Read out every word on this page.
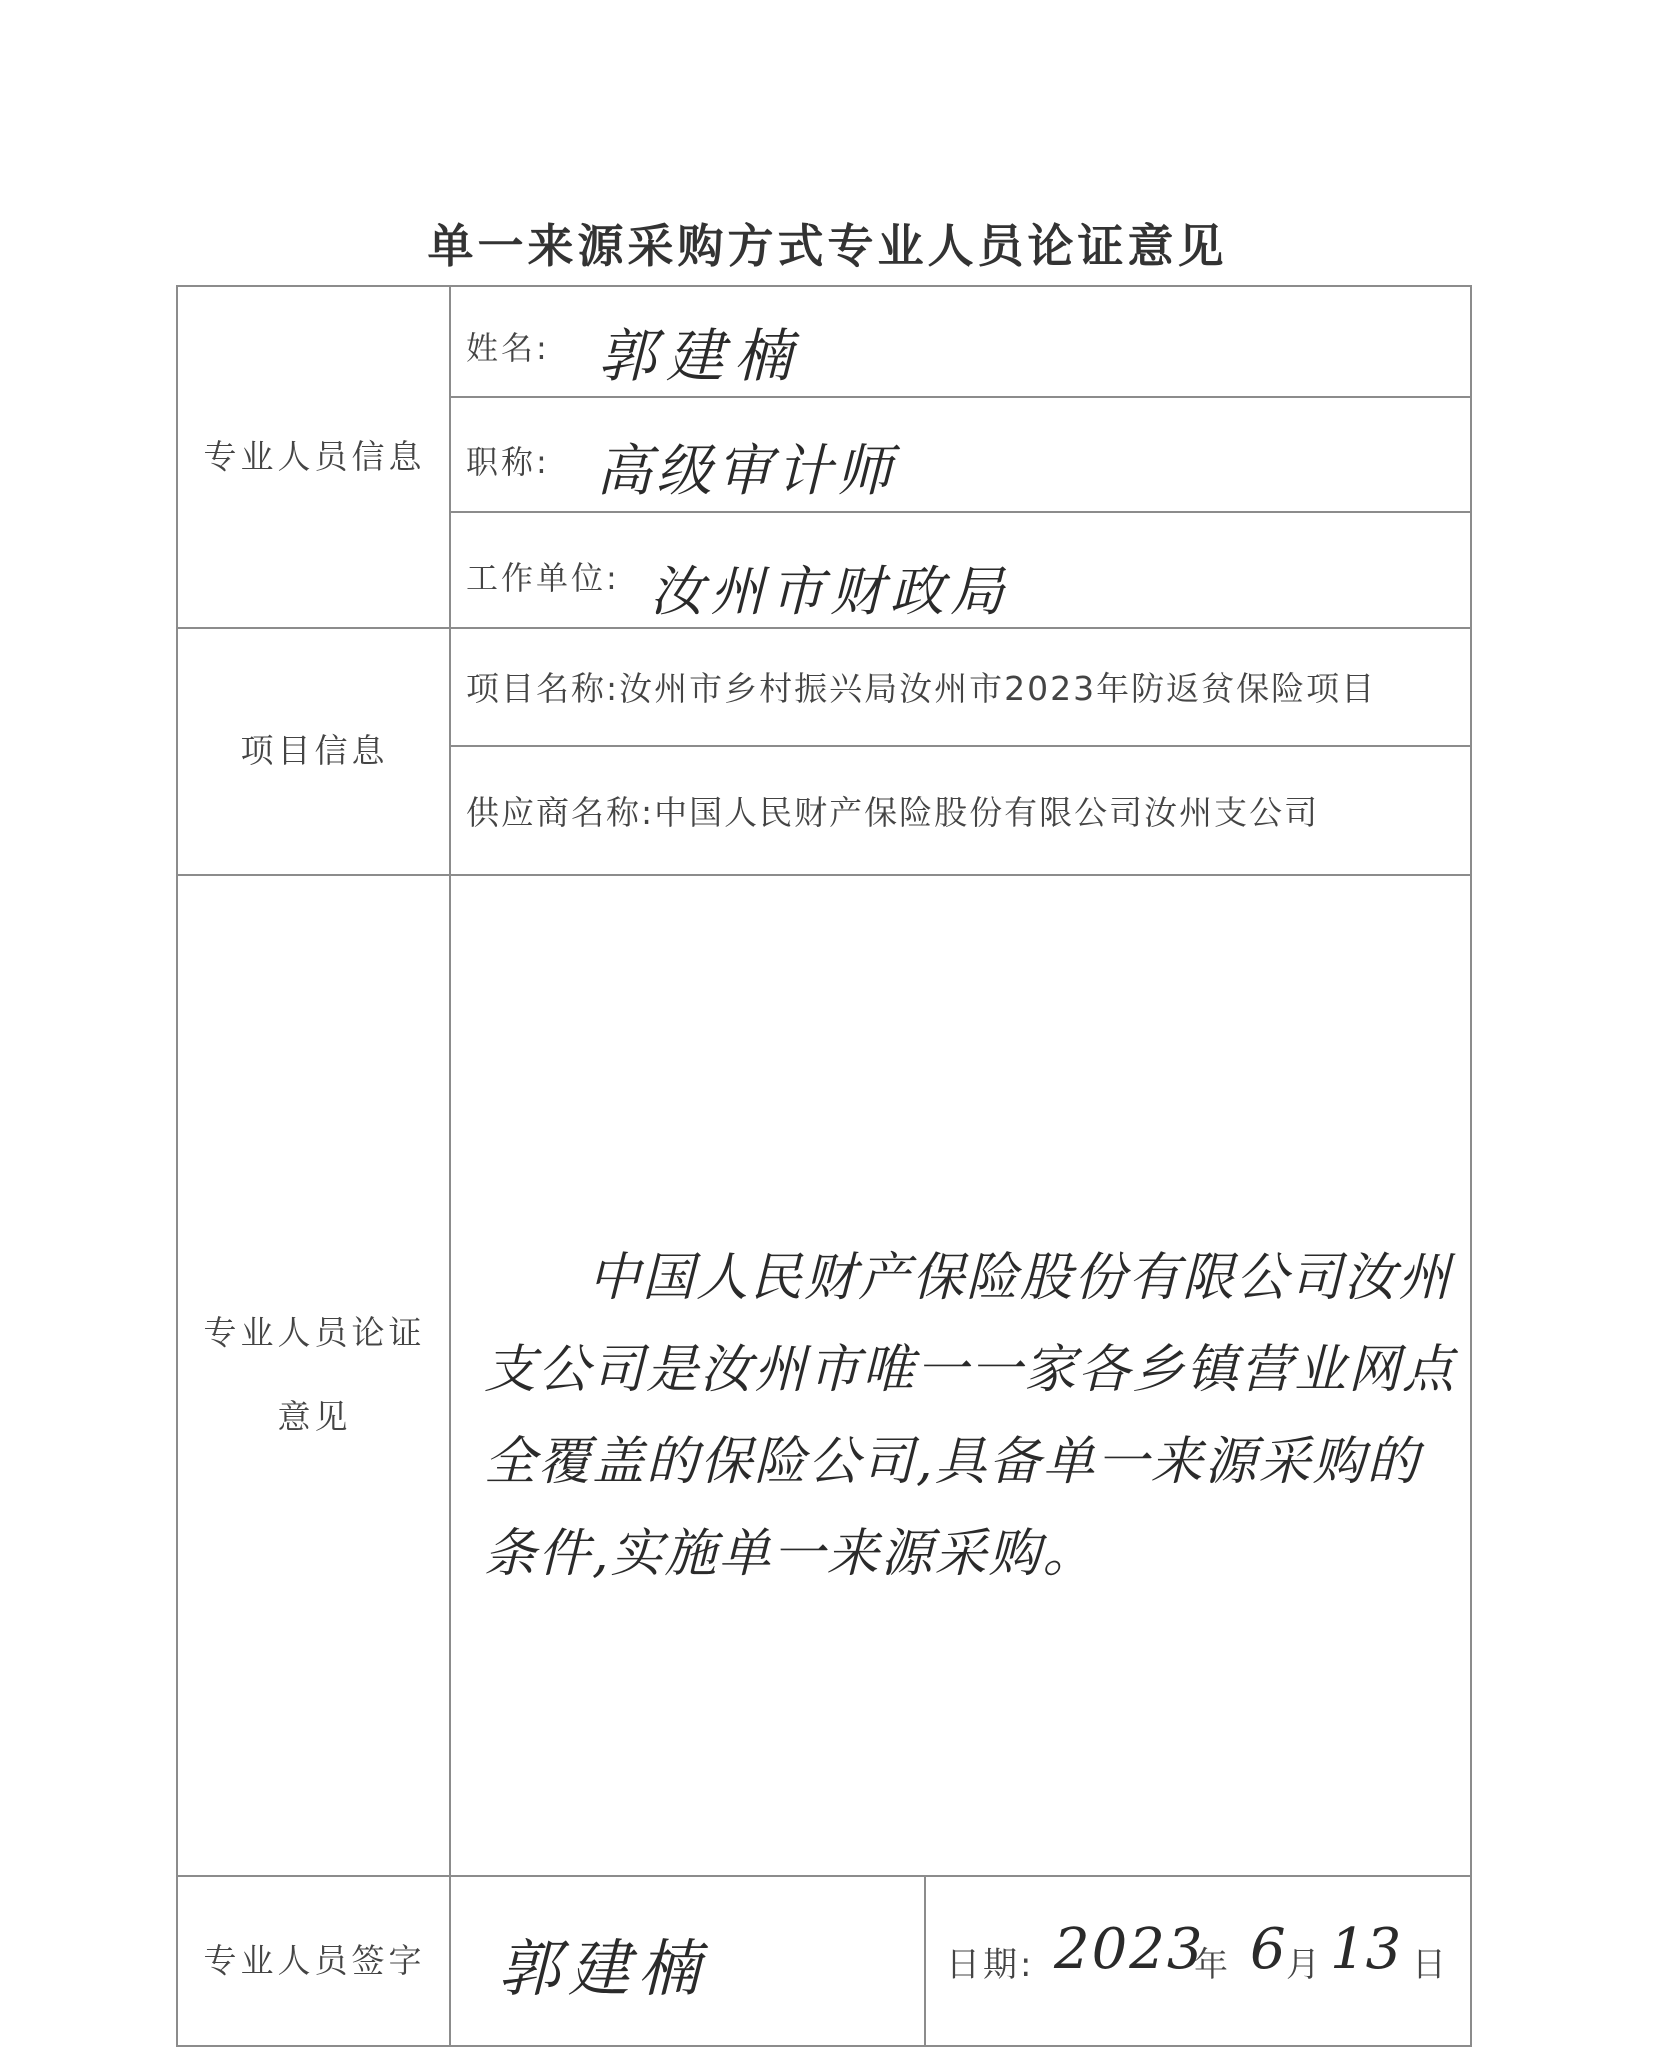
单一来源采购方式专业人员论证意见
专业人员信息
姓名: 郭建楠
职称: 高级审计师
工作单位: 汝州市财政局
项目信息
项目名称:汝州市乡村振兴局汝州市2023年防返贫保险项目
供应商名称:中国人民财产保险股份有限公司汝州支公司
专业人员论证
意见
专业人员签字	郭建楠	日期: 2023
年 6 月 13 日
中国人民财产保险股份有限公司汝州支公司是汝州市唯一一家各乡镇营业网点全覆盖的保险公司,具备单一来源采购的条件,实施单一来源采购。
